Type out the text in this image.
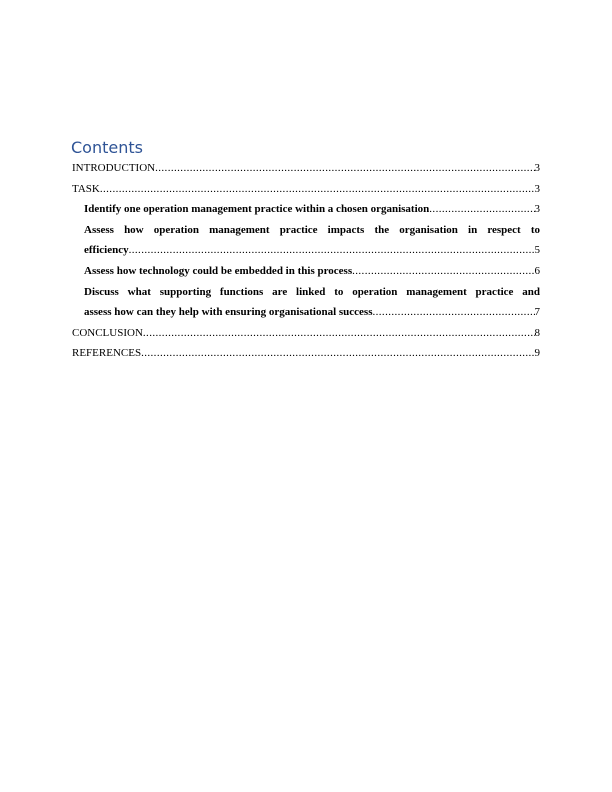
Contents
INTRODUCTION .....	3
TASK .....	3
Identify one operation management practice within a chosen organisation .....	3
Assess how operation management practice impacts the organisation in respect to
efficiency .....	5
Assess how technology could be embedded in this process .....	6
Discuss what supporting functions are linked to operation management practice and
assess how can they help with ensuring organisational success .....	7
CONCLUSION .....	8
REFERENCES .....	9
